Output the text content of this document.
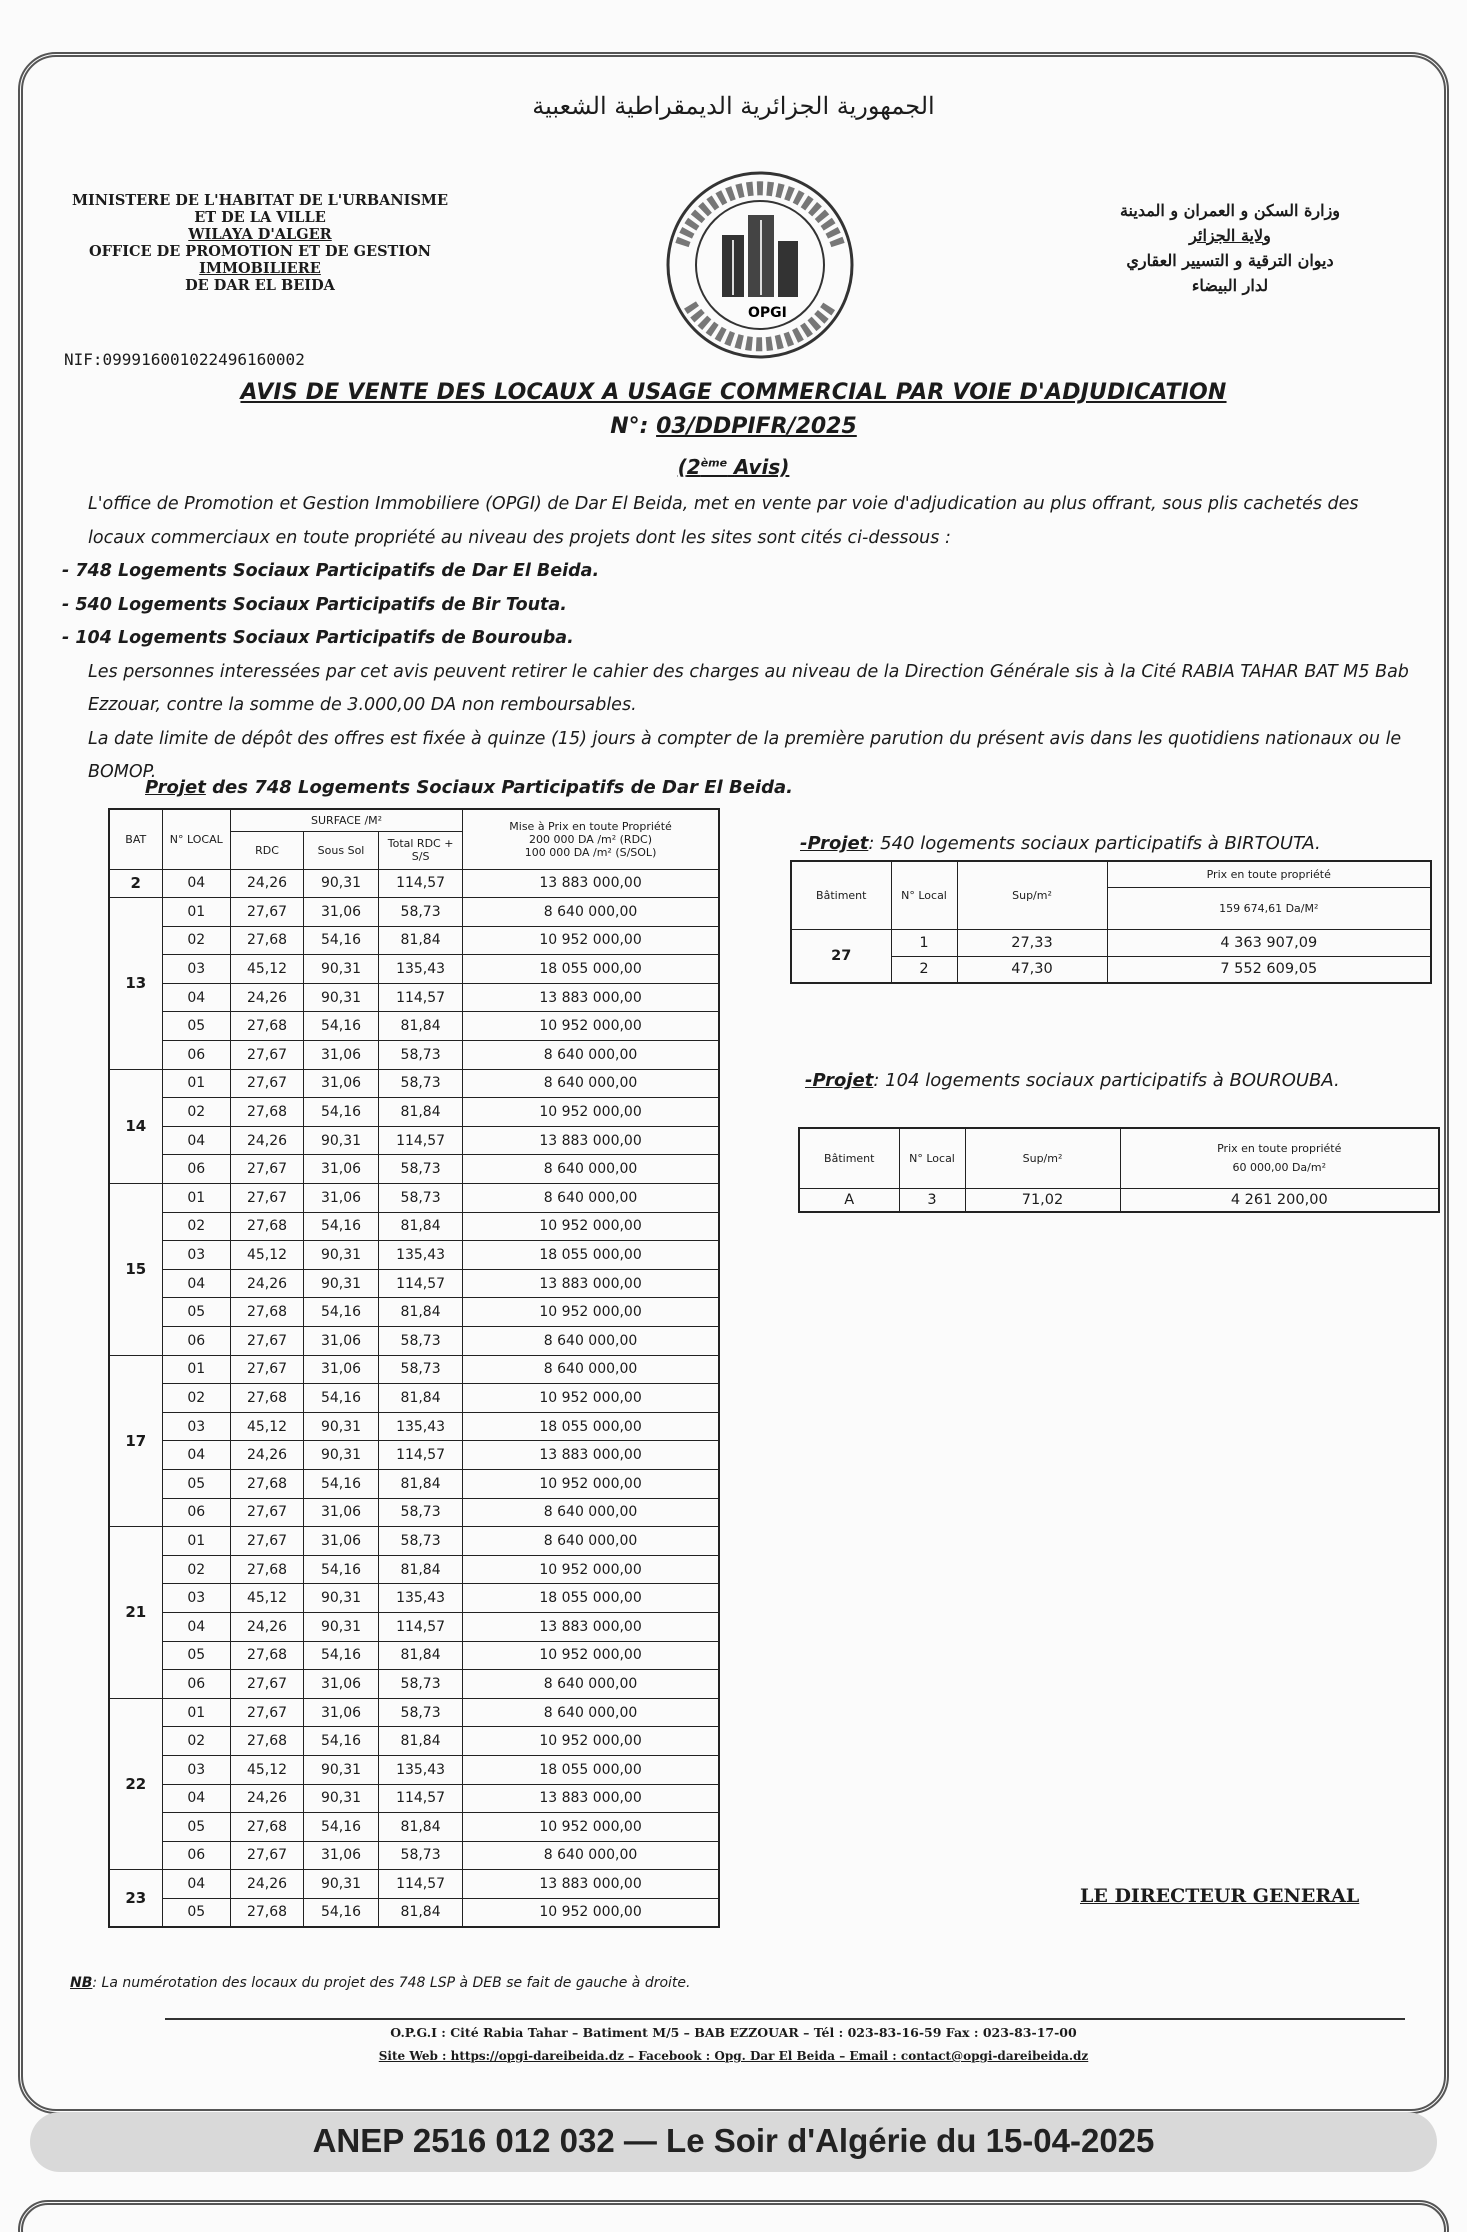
الجمهورية الجزائرية الديمقراطية الشعبية
MINISTERE DE L'HABITAT DE L'URBANISME
ET DE LA VILLE
WILAYA D'ALGER
OFFICE DE PROMOTION ET DE GESTION
IMMOBILIERE
DE DAR EL BEIDA
OPGI
وزارة السكن و العمران و المدينة
ولاية الجزائر
ديوان الترقية و التسيير العقاري
لدار البيضاء
NIF:099916001022496160002
AVIS DE VENTE DES LOCAUX A USAGE COMMERCIAL PAR VOIE D'ADJUDICATION
N°: 03/DDPIFR/2025
(2ème Avis)

L'office de Promotion et Gestion Immobiliere (OPGI) de Dar El Beida, met en vente par voie d'adjudication au plus offrant, sous plis cachetés des locaux commerciaux en toute propriété au niveau des projets dont les sites sont cités ci-dessous :

- 748 Logements Sociaux Participatifs de Dar El Beida.

- 540 Logements Sociaux Participatifs de Bir Touta.

- 104 Logements Sociaux Participatifs de Bourouba.

Les personnes interessées par cet avis peuvent retirer le cahier des charges au niveau de la Direction Générale sis à la Cité RABIA TAHAR BAT M5 Bab Ezzouar, contre la somme de 3.000,00 DA non remboursables.

La date limite de dépôt des offres est fixée à quinze (15) jours à compter de la première parution du présent avis dans les quotidiens nationaux ou le BOMOP.

Projet des 748 Logements Sociaux Participatifs de Dar El Beida.
BAT	N° LOCAL	SURFACE /M²			Mise à Prix en toute Propriété
200 000 DA /m² (RDC)
100 000 DA /m² (S/SOL)

		RDC	Sous Sol	Total RDC + S/S	
2	04	24,26	90,31	114,57	13 883 000,00
13	01	27,67	31,06	58,73	8 640 000,00
	02	27,68	54,16	81,84	10 952 000,00
	03	45,12	90,31	135,43	18 055 000,00
	04	24,26	90,31	114,57	13 883 000,00
	05	27,68	54,16	81,84	10 952 000,00
	06	27,67	31,06	58,73	8 640 000,00
14	01	27,67	31,06	58,73	8 640 000,00
	02	27,68	54,16	81,84	10 952 000,00
	04	24,26	90,31	114,57	13 883 000,00
	06	27,67	31,06	58,73	8 640 000,00
15	01	27,67	31,06	58,73	8 640 000,00
	02	27,68	54,16	81,84	10 952 000,00
	03	45,12	90,31	135,43	18 055 000,00
	04	24,26	90,31	114,57	13 883 000,00
	05	27,68	54,16	81,84	10 952 000,00
	06	27,67	31,06	58,73	8 640 000,00
17	01	27,67	31,06	58,73	8 640 000,00
	02	27,68	54,16	81,84	10 952 000,00
	03	45,12	90,31	135,43	18 055 000,00
	04	24,26	90,31	114,57	13 883 000,00
	05	27,68	54,16	81,84	10 952 000,00
	06	27,67	31,06	58,73	8 640 000,00
21	01	27,67	31,06	58,73	8 640 000,00
	02	27,68	54,16	81,84	10 952 000,00
	03	45,12	90,31	135,43	18 055 000,00
	04	24,26	90,31	114,57	13 883 000,00
	05	27,68	54,16	81,84	10 952 000,00
	06	27,67	31,06	58,73	8 640 000,00
22	01	27,67	31,06	58,73	8 640 000,00
	02	27,68	54,16	81,84	10 952 000,00
	03	45,12	90,31	135,43	18 055 000,00
	04	24,26	90,31	114,57	13 883 000,00
	05	27,68	54,16	81,84	10 952 000,00
	06	27,67	31,06	58,73	8 640 000,00
23	04	24,26	90,31	114,57	13 883 000,00
	05	27,68	54,16	81,84	10 952 000,00
-Projet: 540 logements sociaux participatifs à BIRTOUTA.
Bâtiment	N° Local	Sup/m²	Prix en toute propriété
			159 674,61 Da/M²
27	1	27,33	4 363 907,09
	2	47,30	7 552 609,05
-Projet: 104 logements sociaux participatifs à BOUROUBA.
Bâtiment	N° Local	Sup/m²	Prix en toute propriété
60 000,00 Da/m²

A	3	71,02	4 261 200,00
LE DIRECTEUR GENERAL
NB: La numérotation des locaux du projet des 748 LSP à DEB se fait de gauche à droite.
O.P.G.I : Cité Rabia Tahar – Batiment M/5 – BAB EZZOUAR – Tél : 023-83-16-59 Fax : 023-83-17-00
Site Web : https://opgi-dareibeida.dz – Facebook : Opg. Dar El Beida – Email : contact@opgi-dareibeida.dz
ANEP 2516 012 032 — Le Soir d'Algérie du 15-04-2025
